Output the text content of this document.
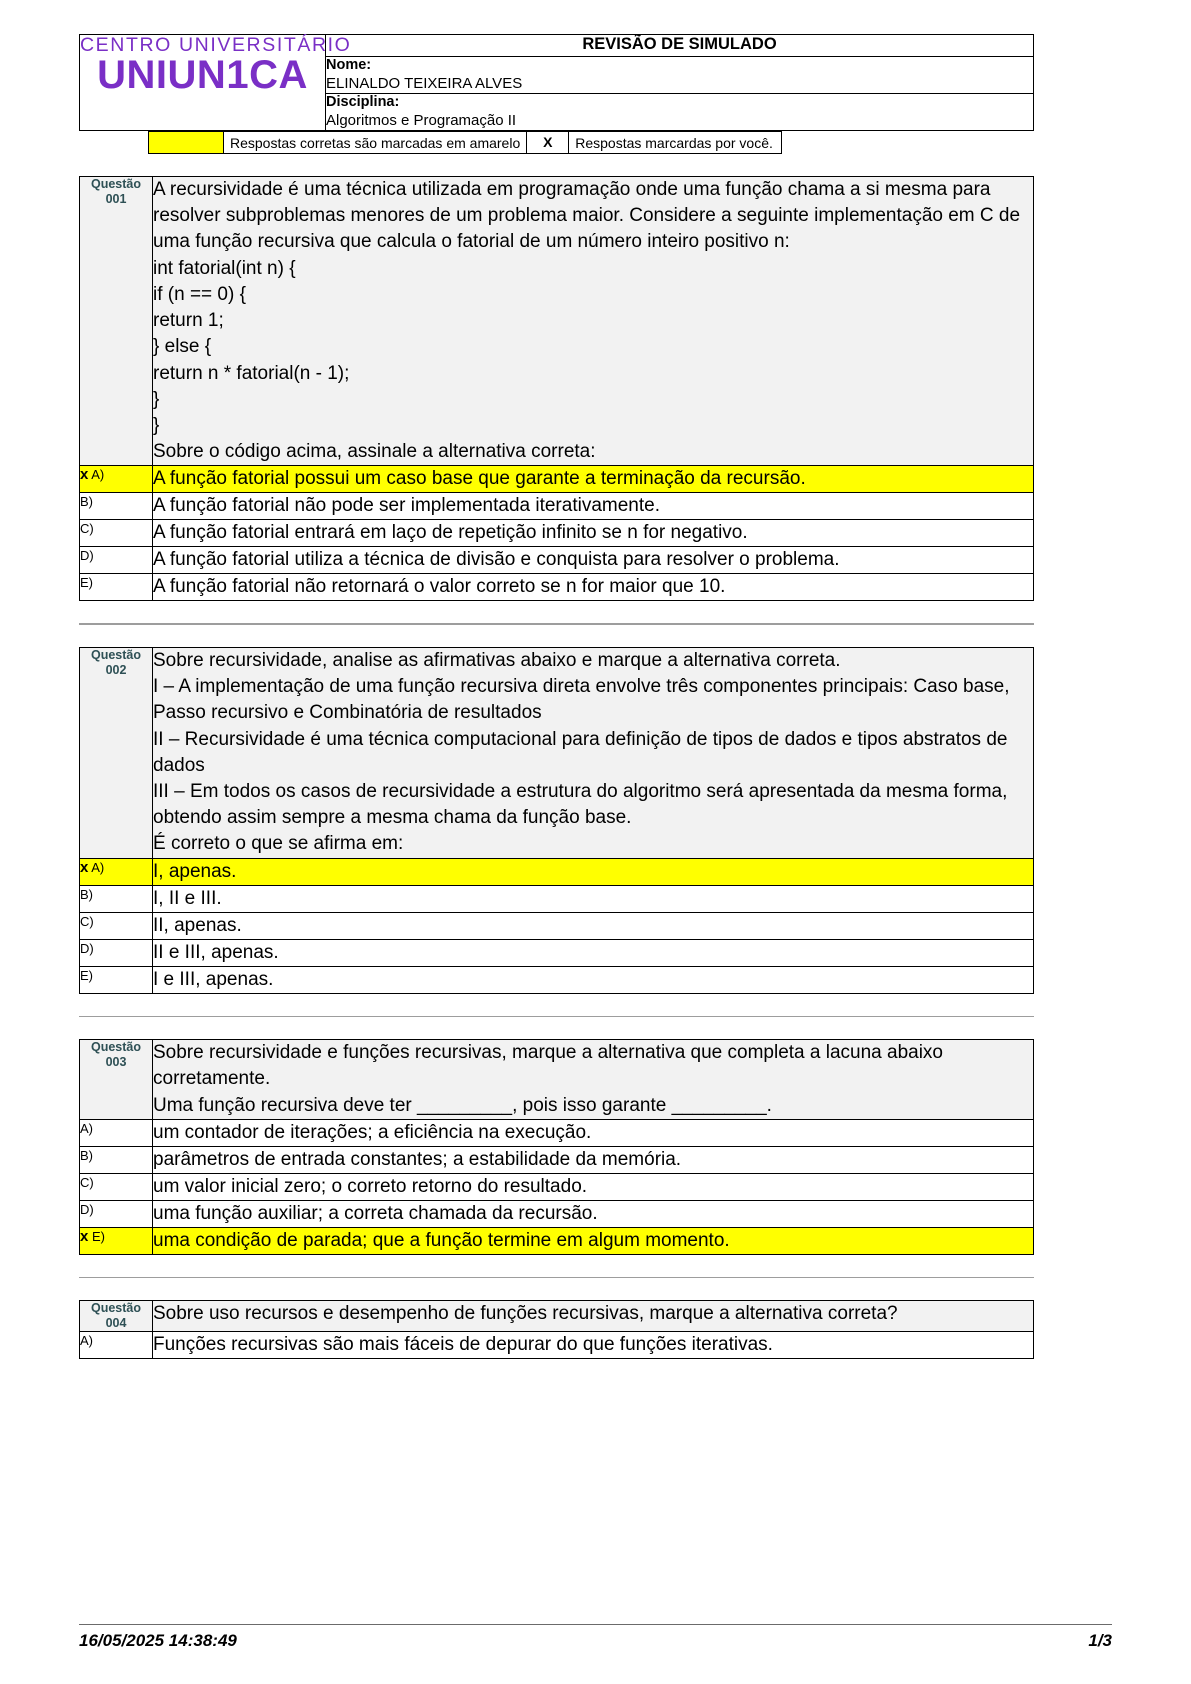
CENTRO UNIVERSITÁRIO
UNIUN1CA
	REVISÃO DE SIMULADO

Nome:
ELINALDO TEIXEIRA ALVES

Disciplina:
Algoritmos e Programação II
Respostas corretas são marcadas em amarelo	X	Respostas marcardas por você.
Questão
001	A recursividade é uma técnica utilizada em programação onde uma função chama a si mesma para resolver subproblemas menores de um problema maior. Considere a seguinte implementação em C de uma função recursiva que calcula o fatorial de um número inteiro positivo n:
int fatorial(int n) {
if (n == 0) {
return 1;
} else {
return n * fatorial(n - 1);
}
}
Sobre o código acima, assinale a alternativa correta:

x A)	A função fatorial possui um caso base que garante a terminação da recursão.
B)	A função fatorial não pode ser implementada iterativamente.
C)	A função fatorial entrará em laço de repetição infinito se n for negativo.
D)	A função fatorial utiliza a técnica de divisão e conquista para resolver o problema.
E)	A função fatorial não retornará o valor correto se n for maior que 10.
Questão
002	Sobre recursividade, analise as afirmativas abaixo e marque a alternativa correta.
I – A implementação de uma função recursiva direta envolve três componentes principais: Caso base, Passo recursivo e Combinatória de resultados
II – Recursividade é uma técnica computacional para definição de tipos de dados e tipos abstratos de dados
III – Em todos os casos de recursividade a estrutura do algoritmo será apresentada da mesma forma, obtendo assim sempre a mesma chama da função base.
É correto o que se afirma em:

x A)	I, apenas.
B)	I, II e III.
C)	II, apenas.
D)	II e III, apenas.
E)	I e III, apenas.
Questão
003	Sobre recursividade e funções recursivas, marque a alternativa que completa a lacuna abaixo corretamente.
Uma função recursiva deve ter _________, pois isso garante _________.

A)	um contador de iterações; a eficiência na execução.
B)	parâmetros de entrada constantes; a estabilidade da memória.
C)	um valor inicial zero; o correto retorno do resultado.
D)	uma função auxiliar; a correta chamada da recursão.
x E)	uma condição de parada; que a função termine em algum momento.
Questão
004	Sobre uso recursos e desempenho de funções recursivas, marque a alternativa correta?

A)	Funções recursivas são mais fáceis de depurar do que funções iterativas.
16/05/2025 14:38:49	1/3
